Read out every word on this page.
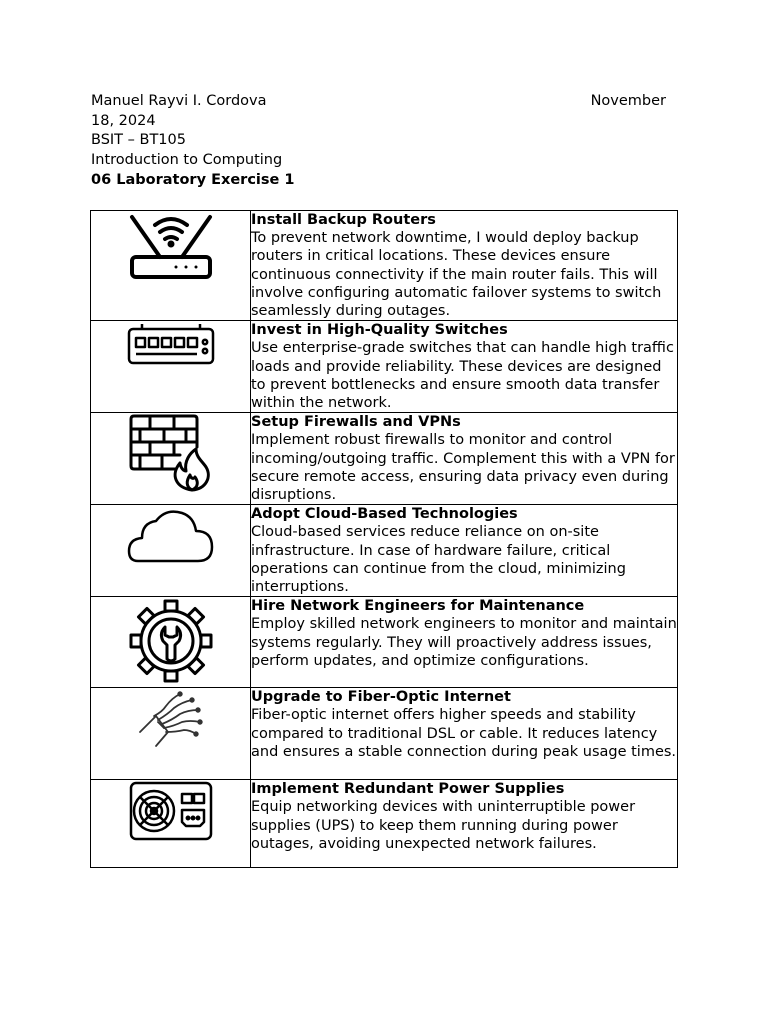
Manuel Rayvi I. Cordova	November
18, 2024
BSIT – BT105
Introduction to Computing
06 Laboratory Exercise 1

Install Backup Routers
To prevent network downtime, I would deploy backup routers in critical locations. These devices ensure continuous connectivity if the main router fails. This will involve configuring automatic failover systems to switch seamlessly during outages.

Invest in High-Quality Switches
Use enterprise-grade switches that can handle high traffic loads and provide reliability. These devices are designed to prevent bottlenecks and ensure smooth data transfer within the network.

Setup Firewalls and VPNs
Implement robust firewalls to monitor and control incoming/outgoing traffic. Complement this with a VPN for secure remote access, ensuring data privacy even during disruptions.

Adopt Cloud-Based Technologies
Cloud-based services reduce reliance on on-site infrastructure. In case of hardware failure, critical operations can continue from the cloud, minimizing interruptions.

Hire Network Engineers for Maintenance
Employ skilled network engineers to monitor and maintain systems regularly. They will proactively address issues, perform updates, and optimize configurations.

Upgrade to Fiber-Optic Internet
Fiber-optic internet offers higher speeds and stability compared to traditional DSL or cable. It reduces latency and ensures a stable connection during peak usage times.

Implement Redundant Power Supplies
Equip networking devices with uninterruptible power supplies (UPS) to keep them running during power outages, avoiding unexpected network failures.
